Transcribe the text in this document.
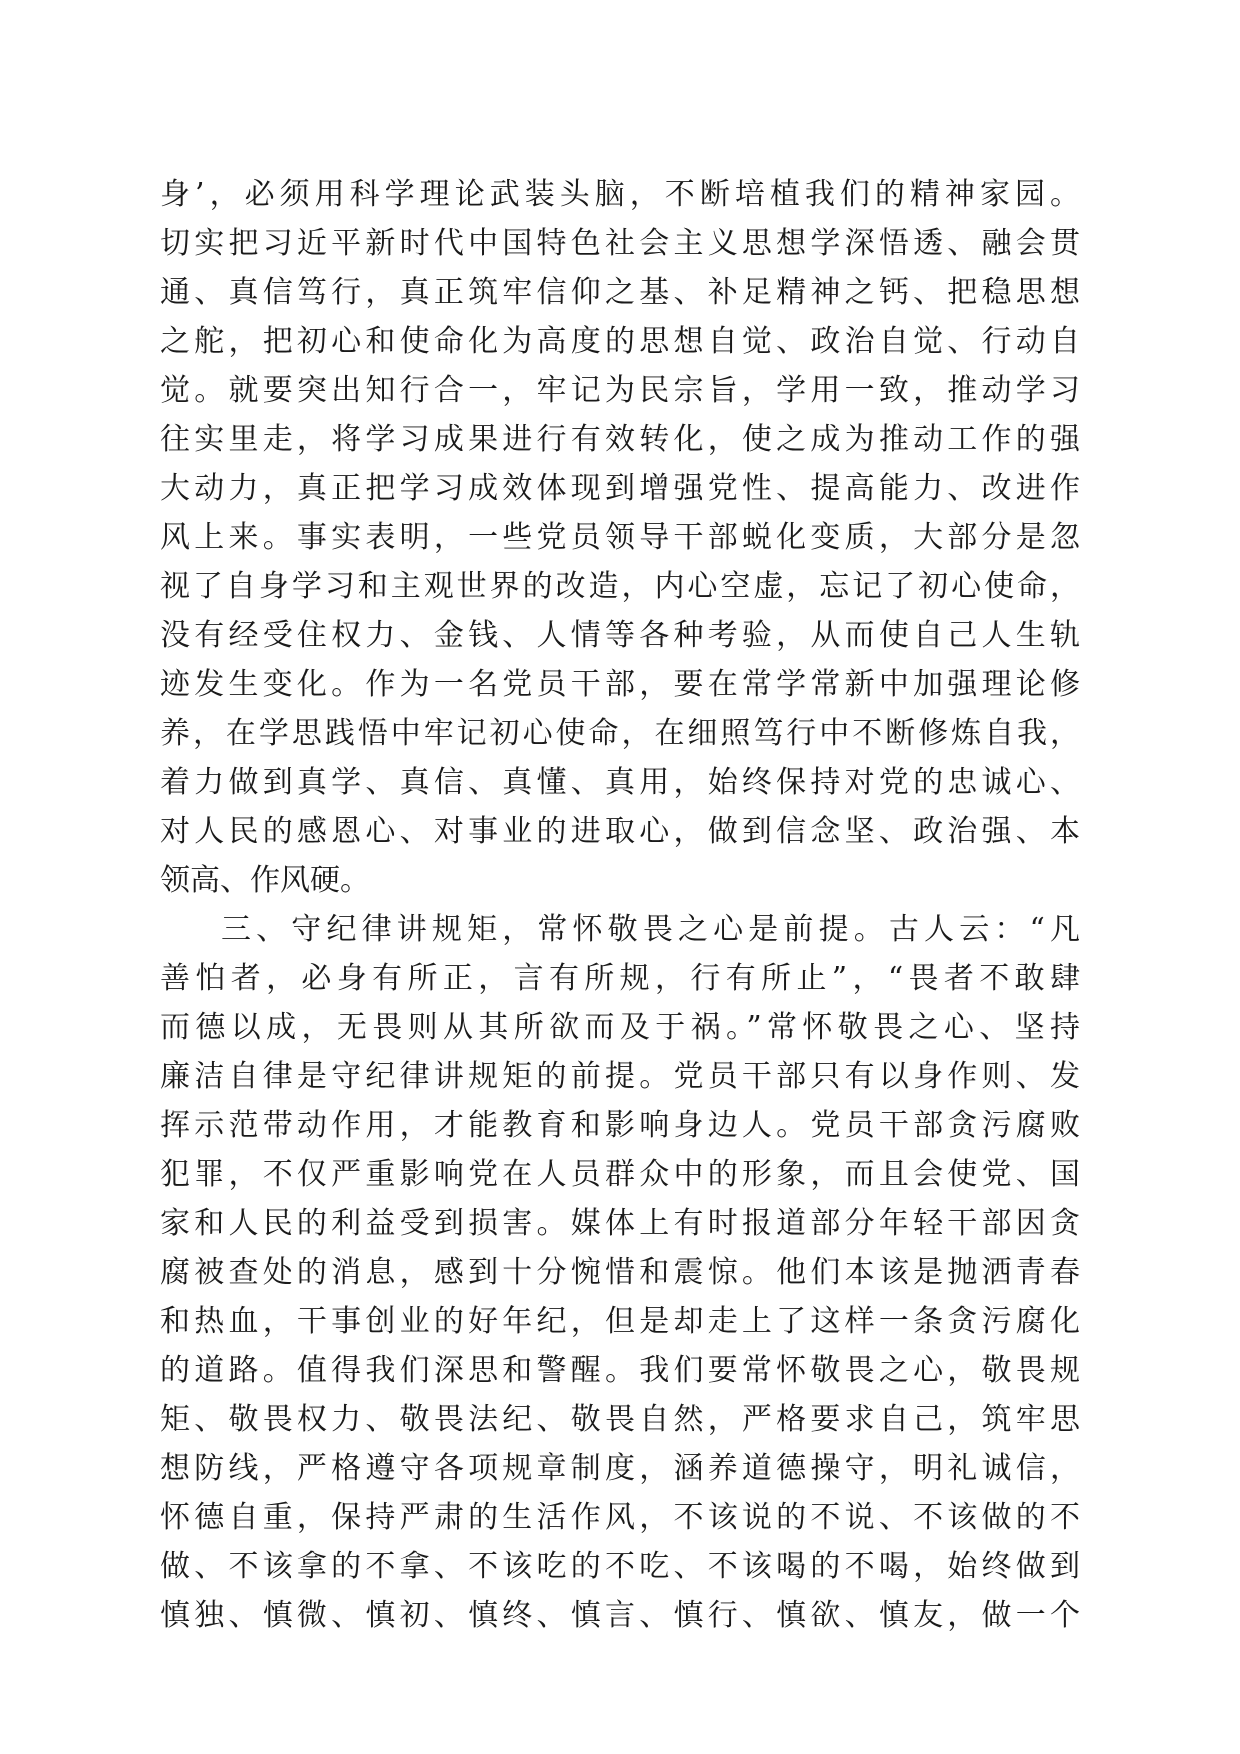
身’，必须用科学理论武装头脑，不断培植我们的精神家园。
切实把习近平新时代中国特色社会主义思想学深悟透、融会贯
通、真信笃行，真正筑牢信仰之基、补足精神之钙、把稳思想
之舵，把初心和使命化为高度的思想自觉、政治自觉、行动自
觉。就要突出知行合一，牢记为民宗旨，学用一致，推动学习
往实里走，将学习成果进行有效转化，使之成为推动工作的强
大动力，真正把学习成效体现到增强党性、提高能力、改进作
风上来。事实表明，一些党员领导干部蜕化变质，大部分是忽
视了自身学习和主观世界的改造，内心空虚，忘记了初心使命，
没有经受住权力、金钱、人情等各种考验，从而使自己人生轨
迹发生变化。作为一名党员干部，要在常学常新中加强理论修
养，在学思践悟中牢记初心使命，在细照笃行中不断修炼自我，
着力做到真学、真信、真懂、真用，始终保持对党的忠诚心、
对人民的感恩心、对事业的进取心，做到信念坚、政治强、本
领高、作风硬。
三、守纪律讲规矩，常怀敬畏之心是前提。古人云：“凡
善怕者，必身有所正，言有所规，行有所止”，“畏者不敢肆
而德以成，无畏则从其所欲而及于祸。”常怀敬畏之心、坚持
廉洁自律是守纪律讲规矩的前提。党员干部只有以身作则、发
挥示范带动作用，才能教育和影响身边人。党员干部贪污腐败
犯罪，不仅严重影响党在人员群众中的形象，而且会使党、国
家和人民的利益受到损害。媒体上有时报道部分年轻干部因贪
腐被查处的消息，感到十分惋惜和震惊。他们本该是抛洒青春
和热血，干事创业的好年纪，但是却走上了这样一条贪污腐化
的道路。值得我们深思和警醒。我们要常怀敬畏之心，敬畏规
矩、敬畏权力、敬畏法纪、敬畏自然，严格要求自己，筑牢思
想防线，严格遵守各项规章制度，涵养道德操守，明礼诚信，
怀德自重，保持严肃的生活作风，不该说的不说、不该做的不
做、不该拿的不拿、不该吃的不吃、不该喝的不喝，始终做到
慎独、慎微、慎初、慎终、慎言、慎行、慎欲、慎友，做一个
